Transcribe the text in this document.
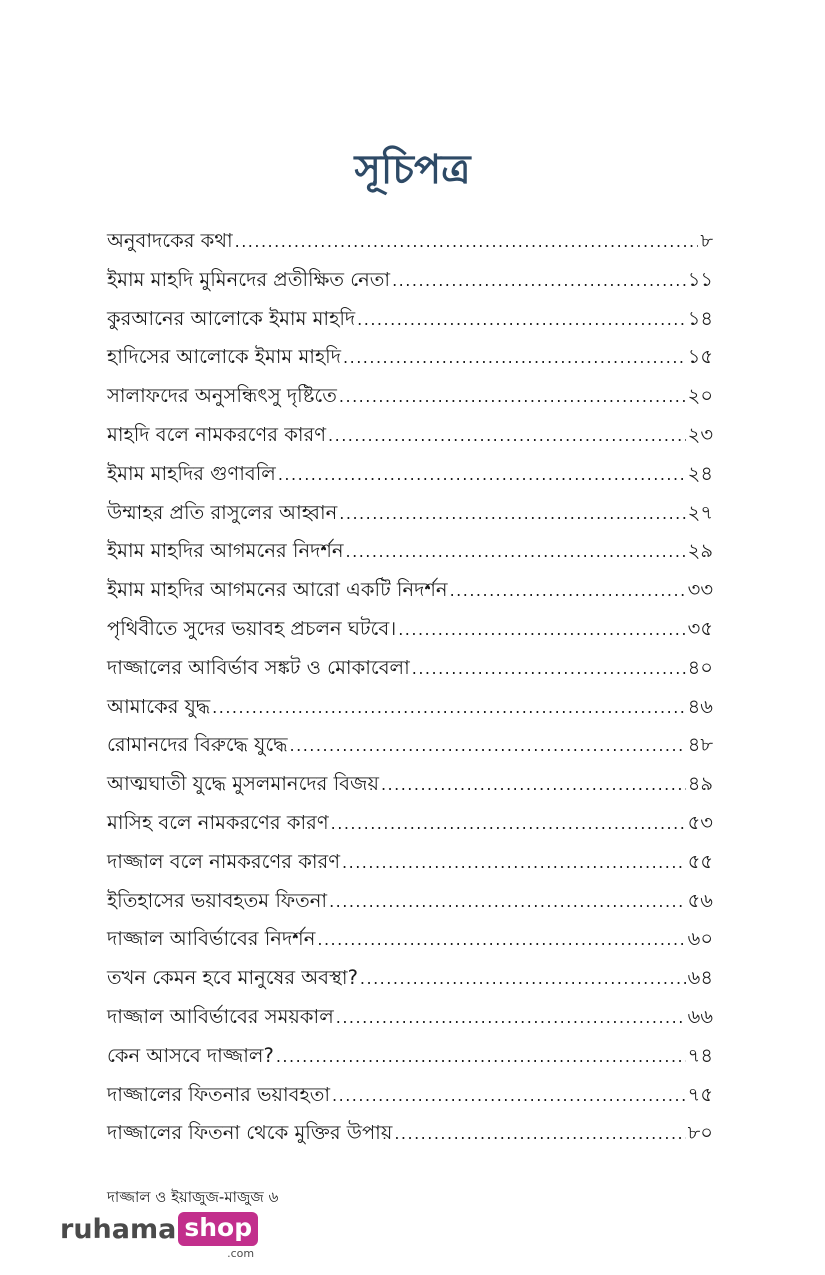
সূচিপত্র
অনুবাদকের কথা .....	৮
ইমাম মাহদি মুমিনদের প্রতীক্ষিত নেতা .....	১১
কুরআনের আলোকে ইমাম মাহদি .....	১৪
হাদিসের আলোকে ইমাম মাহদি .....	১৫
সালাফদের অনুসন্ধিৎসু দৃষ্টিতে .....	২০
মাহদি বলে নামকরণের কারণ .....	২৩
ইমাম মাহদির গুণাবলি .....	২৪
উম্মাহর প্রতি রাসুলের আহ্বান .....	২৭
ইমাম মাহদির আগমনের নিদর্শন .....	২৯
ইমাম মাহদির আগমনের আরো একটি নিদর্শন .....	৩৩
পৃথিবীতে সুদের ভয়াবহ প্রচলন ঘটবে। .....	৩৫
দাজ্জালের আবির্ভাব সঙ্কট ও মোকাবেলা .....	৪০
আমাকের যুদ্ধ .....	৪৬
রোমানদের বিরুদ্ধে যুদ্ধে .....	৪৮
আত্মঘাতী যুদ্ধে মুসলমানদের বিজয় .....	৪৯
মাসিহ বলে নামকরণের কারণ .....	৫৩
দাজ্জাল বলে নামকরণের কারণ .....	৫৫
ইতিহাসের ভয়াবহতম ফিতনা .....	৫৬
দাজ্জাল আবির্ভাবের নিদর্শন .....	৬০
তখন কেমন হবে মানুষের অবস্থা? .....	৬৪
দাজ্জাল আবির্ভাবের সময়কাল .....	৬৬
কেন আসবে দাজ্জাল? .....	৭৪
দাজ্জালের ফিতনার ভয়াবহতা .....	৭৫
দাজ্জালের ফিতনা থেকে মুক্তির উপায় .....	৮০
দাজ্জাল ও ইয়াজুজ-মাজুজ ৬
ruhama shop
.com
